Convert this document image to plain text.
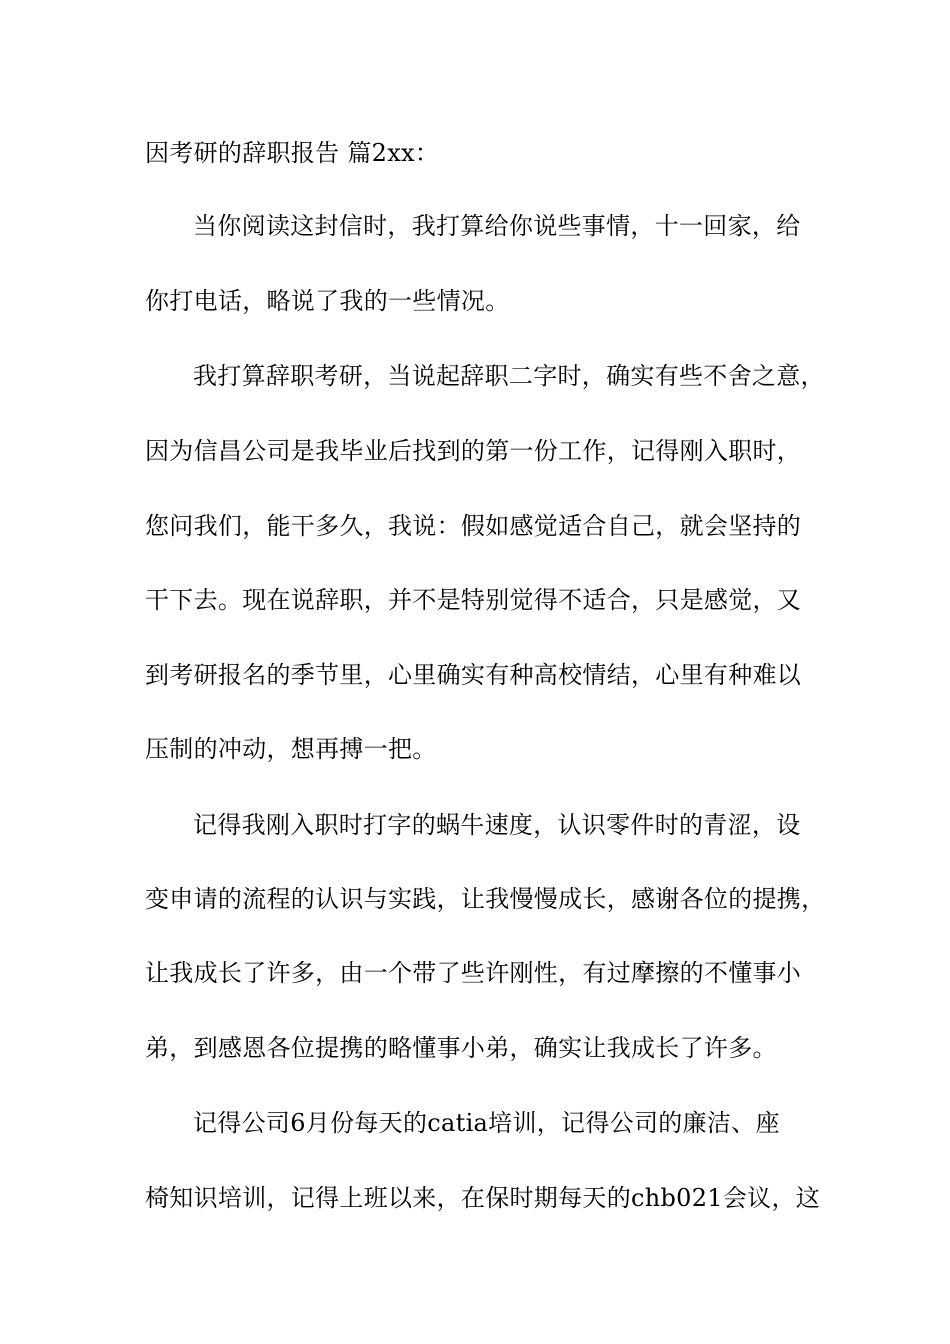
因考研的辞职报告 篇2xx：
当你阅读这封信时，我打算给你说些事情，十一回家，给
你打电话，略说了我的一些情况。
我打算辞职考研，当说起辞职二字时，确实有些不舍之意，
因为信昌公司是我毕业后找到的第一份工作，记得刚入职时，
您问我们，能干多久，我说：假如感觉适合自己，就会坚持的
干下去。现在说辞职，并不是特别觉得不适合，只是感觉，又
到考研报名的季节里，心里确实有种高校情结，心里有种难以
压制的冲动，想再搏一把。
记得我刚入职时打字的蜗牛速度，认识零件时的青涩，设
变申请的流程的认识与实践，让我慢慢成长，感谢各位的提携，
让我成长了许多，由一个带了些许刚性，有过摩擦的不懂事小
弟，到感恩各位提携的略懂事小弟，确实让我成长了许多。
记得公司6月份每天的catia培训，记得公司的廉洁、座
椅知识培训，记得上班以来，在保时期每天的chb021会议，这
